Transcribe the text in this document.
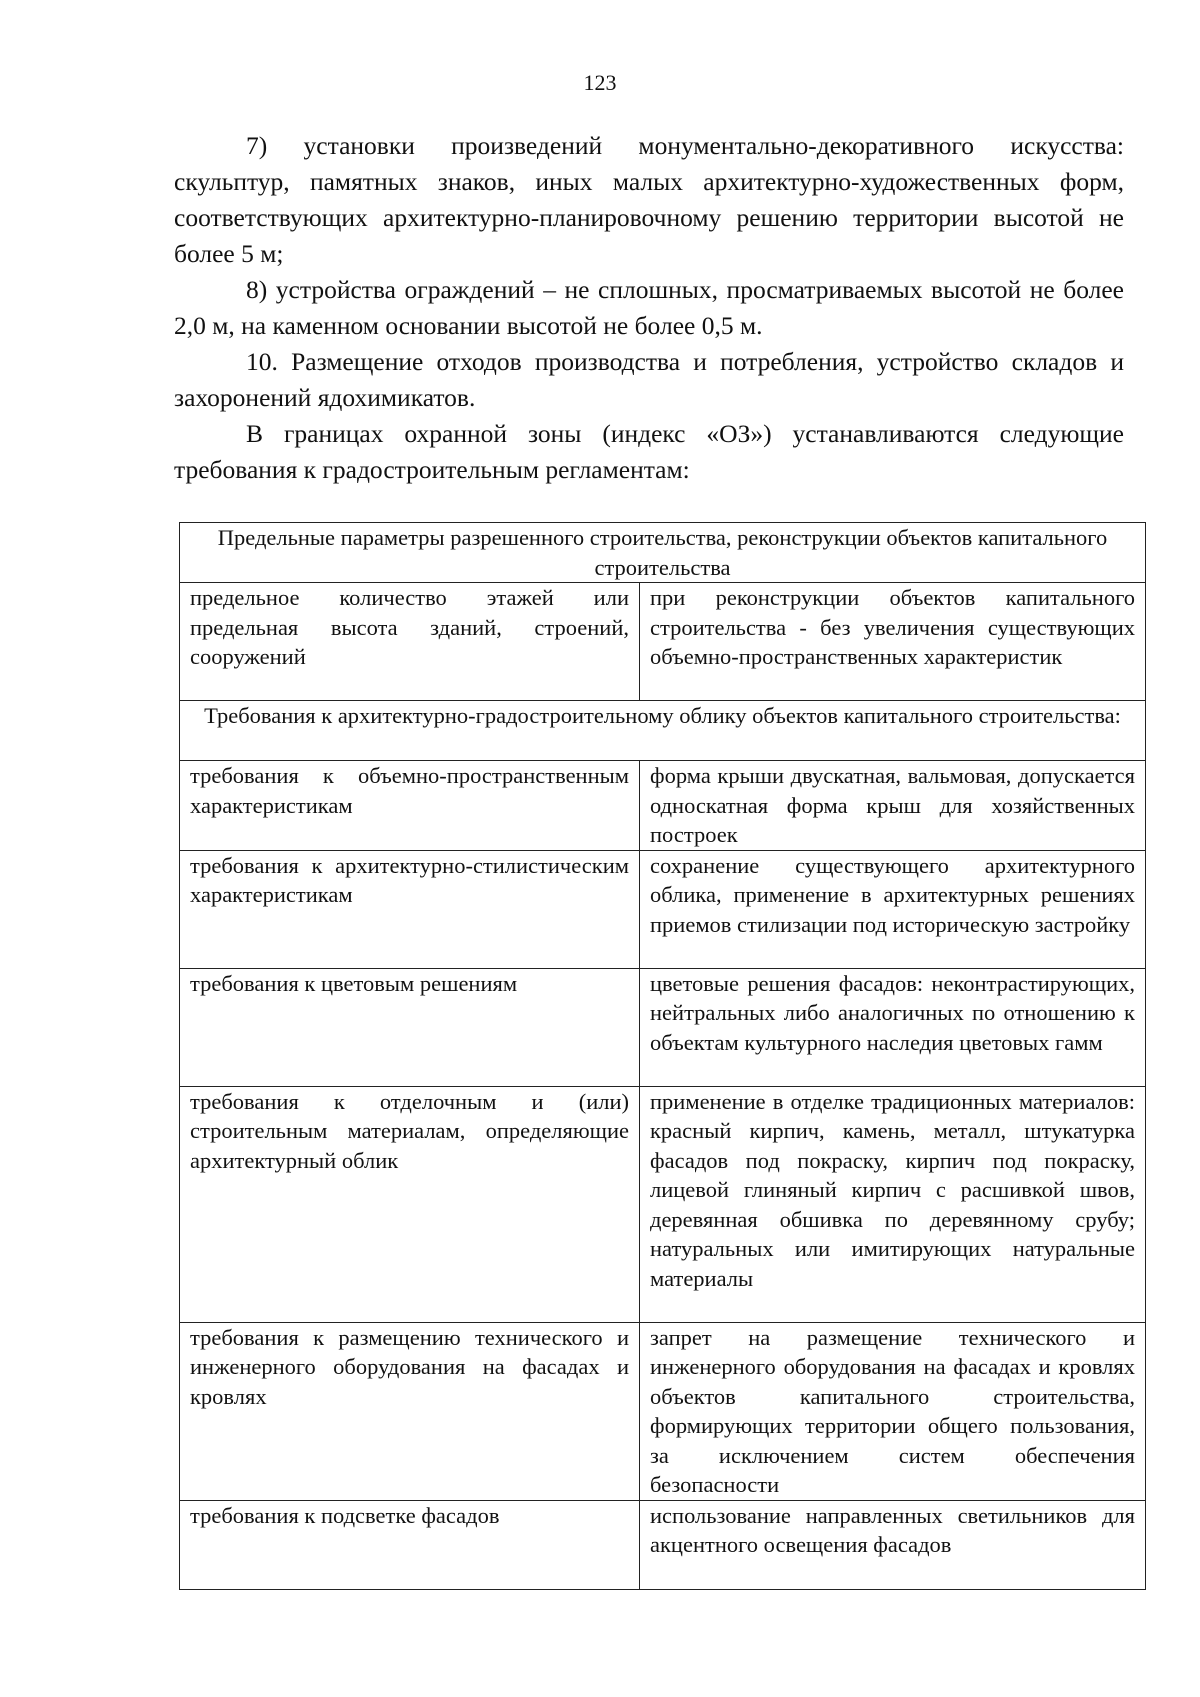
123

7) установки произведений монументально-декоративного искусства: скульптур, памятных знаков, иных малых архитектурно-художественных форм, соответствующих архитектурно-планировочному решению территории высотой не более 5 м;

8) устройства ограждений – не сплошных, просматриваемых высотой не более 2,0 м, на каменном основании высотой не более 0,5 м.

10. Размещение отходов производства и потребления, устройство складов и захоронений ядохимикатов.

В границах охранной зоны (индекс «ОЗ») устанавливаются следующие требования к градостроительным регламентам:

Предельные параметры разрешенного строительства, реконструкции объектов капитального строительства	
предельное количество этажей или предельная высота зданий, строений, сооружений	при реконструкции объектов капитального строительства - без увеличения существующих объемно-пространственных характеристик
Требования к архитектурно-градостроительному облику объектов капитального строительства:	
требования к объемно-пространственным характеристикам	форма крыши двускатная, вальмовая, допускается односкатная форма крыш для хозяйственных построек
требования к архитектурно-стилистическим характеристикам	сохранение существующего архитектурного облика, применение в архитектурных решениях приемов стилизации под историческую застройку
требования к цветовым решениям	цветовые решения фасадов: неконтрастирующих, нейтральных либо аналогичных по отношению к объектам культурного наследия цветовых гамм
требования к отделочным и (или) строительным материалам, определяющие архитектурный облик	применение в отделке традиционных материалов: красный кирпич, камень, металл, штукатурка фасадов под покраску, кирпич под покраску, лицевой глиняный кирпич с расшивкой швов, деревянная обшивка по деревянному срубу; натуральных или имитирующих натуральные материалы
требования к размещению технического и инженерного оборудования на фасадах и кровлях	запрет на размещение технического и инженерного оборудования на фасадах и кровлях объектов капитального строительства, формирующих территории общего пользования, за исключением систем обеспечения безопасности
требования к подсветке фасадов	использование направленных светильников для акцентного освещения фасадов
